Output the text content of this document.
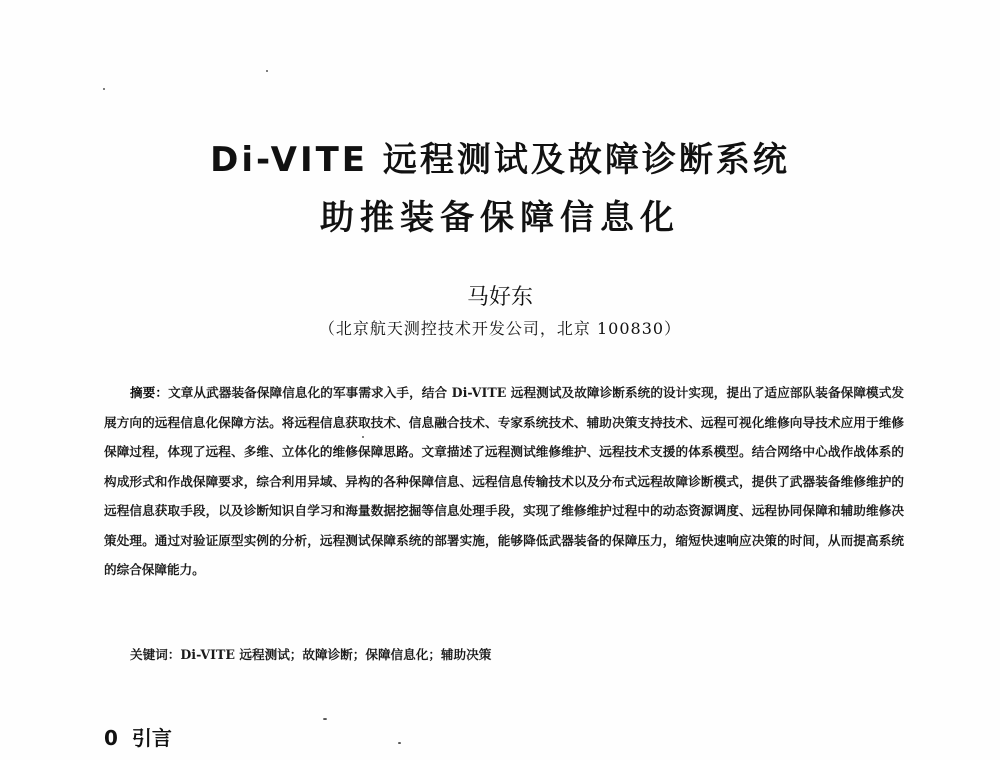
Di-VITE 远程测试及故障诊断系统
助推装备保障信息化
马好东
（北京航天测控技术开发公司，北京 100830）

摘要：文章从武器装备保障信息化的军事需求入手，结合 Di-VITE 远程测试及故障诊断系统的设计实现，提出了适应部队装备保障模式发展方向的远程信息化保障方法。将远程信息获取技术、信息融合技术、专家系统技术、辅助决策支持技术、远程可视化维修向导技术应用于维修保障过程，体现了远程、多维、立体化的维修保障思路。文章描述了远程测试维修维护、远程技术支援的体系模型。结合网络中心战作战体系的构成形式和作战保障要求，综合利用异域、异构的各种保障信息、远程信息传输技术以及分布式远程故障诊断模式，提供了武器装备维修维护的远程信息获取手段，以及诊断知识自学习和海量数据挖掘等信息处理手段，实现了维修维护过程中的动态资源调度、远程协同保障和辅助维修决策处理。通过对验证原型实例的分析，远程测试保障系统的部署实施，能够降低武器装备的保障压力，缩短快速响应决策的时间，从而提高系统的综合保障能力。

关键词：Di-VITE 远程测试；故障诊断；保障信息化；辅助决策

0 引言
